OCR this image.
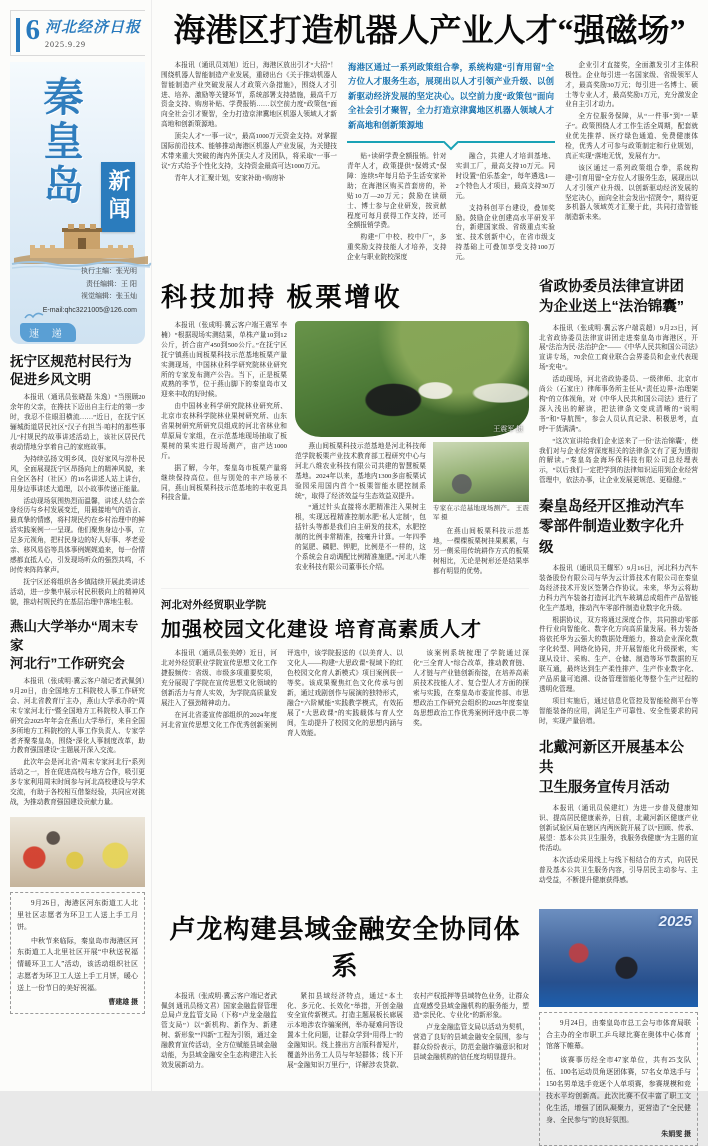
6 河北经济日报
2025.9.29
秦皇岛 新闻
执行主编：张光明
责任编辑：王 阳
视觉编辑：张玉灿
E-mail:qhc3221005@126.com
速 递
抚宁区规范村民行为
促进乡风文明

本报讯（通讯员张晓磊 朱逸）“当照顾20余年的父亲，在搀扶下迈出自主行走的第一步时，我忍不住眼泪横流……”近日，在抚宁区骊城街道居民社区“汉子有担当·咱村的那些事儿”村规民约故事讲述活动上，该社区居民代表动情地分享着自己的家庭故事。

为持续弘扬文明乡风、良好家风与淳朴民风，全面展现抚宁区昂扬向上的精神风貌，来自全区各村（社区）的16名讲述人站上讲台，用身边事讲述大道理，以小故事传递正能量。

活动现场氛围热烈而温馨，讲述人结合亲身经历与乡村发展变迁，用最接地气的语言、最真挚的情感，将村规民约在乡村治理中的鲜活实践案例一一呈现。他们聚焦身边小事，立足多元视角，把村民身边的好人好事、孝老爱亲、移风易俗等具体事例娓娓道来，每一份情感都直抵人心，引发现场听众的强烈共鸣，不时传来阵阵掌声。

抚宁区还将组织各乡镇陆续开展此类讲述活动，进一步集中展示村民积极向上的精神风貌，推动村规民约在基层治理中落地生根。

燕山大学举办“周末专家
河北行”工作研究会

本报讯（张成明·冀云客户端记者武佩剑）9月20日，由全国地方工科院校人事工作研究会、河北省教育厅主办，燕山大学承办的“周末专家河北行”暨全国地方工科院校人事工作研究会2025年年会在燕山大学举行，来自全国多所地方工科院校的人事工作负责人、专家学者齐聚秦皇岛，围绕“深化人事制度改革，助力教育强国建设”主题展开深入交流。

此次年会是河北省“周末专家河北行”系列活动之一，旨在促进高校与地方合作，吸引更多专家利用周末时间参与河北高校建设与学术交流，有助于各校相互借鉴经验，共同应对挑战，为推动教育强国建设贡献力量。

9月26日，海港区河东街道工人北里社区志愿者为环卫工人送上手工月饼。

中秋节来临际，秦皇岛市海港区河东街道工人北里社区开展“中秋送祝福 情暖环卫工人”活动，该活动组织社区志愿者为环卫工人送上手工月饼，暖心送上一份节日的美好祝福。

曹建雄 摄
海港区打造机器人产业人才“强磁场”

本报讯（通讯员刘旭）近日，海港区放出引才“大招”！围绕机器人智能制造产业发展，重磅出台《关于推动机器人智能制造产业突破发展人才政策六条措施》，围绕人才引进、培养、激励等关键环节，系统部署支持措施，最高千万资金支持、购房补贴、学费报销……以空前力度“政策包”面向全社会引才聚智，全力打造京津冀地区机器人领域人才新高地和创新策源地。

顶尖人才“一事一议”，最高1000万元资金支持。对掌握国际前沿技术、能够推动海港区机器人产业发展，为关键技术带来重大突破的海内外顶尖人才及团队，将采取“一事一议”方式给予个性化支持，支持资金最高可达1000万元。

青年人才汇聚计划，安家补助+购房补

海港区通过一系列政策组合拳，系统构建“引育用留”全方位人才服务生态，展现出以人才引领产业升级、以创新驱动经济发展的坚定决心。以空前力度“政策包”面向全社会引才聚智，全力打造京津冀地区机器人领域人才新高地和创新策源地

贴+读研学费全额报销。针对青年人才，政策提供“保姆式”保障：连续5年每月给予生活安家补助；在海港区购买首套房的，补贴10万—20万元；鼓励在读硕士、博士参与企业研发，按贡献程度可每月获得工作支持，还可全额报销学费。

构建“厂中校、校中厂”，多重奖励支持技能人才培养，支持企业与职业院校深度

融合，共建人才培训基地、实训工厂，最高支持10万元。同时设置“伯乐基金”，每年遴选1—2个特色人才项目，最高支持30万元。

支持科创平台建设，叠加奖励。鼓励企业创建高水平研发平台，新建国家级、省级重点实验室、技术创新中心，在省市级支持基础上可叠加享受支持100万元。

企业引才直接奖，全面激发引才主体积极性。企业每引进一名国家级、省级领军人才，最高奖励30万元；每引进一名博士、硕士等专业人才，最高奖励1万元，充分激发企业自主引才动力。

全方位服务保障，从“一件事”到“一辈子”。政策围绕人才工作生活全周期，配套就业优先推荐、医疗绿色通道、免费健康体检，优秀人才可参与政策制定和行业规划，真正实现“落地无忧，发展有力”。

该区通过一系列政策组合拳，系统构建“引育用留”全方位人才服务生态，展现出以人才引领产业升级、以创新驱动经济发展的坚定决心，面向全社会发出“招贤令”，期待更多机器人领域英才汇聚于此，共同打造智能制造新未来。

科技加持 板栗增收

本报讯（张成明·冀云客户端王震军 李楠）“根据现场实测结果，单株产量10到12公斤，折合亩产450到500公斤。”在抚宁区抚宁镇燕山间板栗科技示范基地板栗产量实测现场，中国林业科学研究院林业研究所的专家发布测产公告。当下，正是板栗成熟的季节，位于燕山脚下的秦皇岛市又迎来丰收的好时候。

由中国林业科学研究院林业研究所、北京市农林科学院林业果树研究所、山东省果树研究所研究员组成的河北省林业和草原局专家组，在示范基地现场抽取了板栗树的果实进行现场测产，亩产达1000斤。

据了解，今年，秦皇岛市板栗产量将继续保持高位。但与别处的丰产场景不同，燕山间板栗科技示范基地的丰收更具科技含量。

王震军 摄

燕山间板栗科技示范基地是河北科技师范学院板栗产业技术教育部工程研究中心与河北八维农业科技有限公司共建的智慧板栗基地。2024年以来，基地内1300多亩板栗试验园采用国内首个“板栗智能水肥控制系统”，取得了经济效益与生态效益双提升。

“通过针头直接将水肥精准注入果树主根，实现远程精准控制水肥‘私人定制’，包括针头等都是我们自主研发的技术，水肥控制的比例非常精准，按毫升计算。一年四季的氮肥、磷肥、钾肥，比例是不一样的，这个系统会自动调配比例精准施肥。”河北八维农业科技有限公司董事长介绍。

专家在示范基地现场测产。 王震军 摄

在燕山间板栗科技示范基地，一棵棵板栗树挂果累累，与另一侧采用传统耕作方式的板栗树相比，无论是树形还是结果率都有明显的优势。

河北对外经贸职业学院

加强校园文化建设 培育高素质人才

本报讯（通讯员张美婷）近日，河北对外经贸职业学院宣传思想文化工作捷报频传：省级、市级多项重要奖项，充分展现了学院在宣传思想文化领域的创新活力与育人实效，为学院高质量发展注入了强劲精神动力。

在河北省委宣传部组织的2024年度河北省宣传思想文化工作优秀创新案例评选中，该学院报送的《以美育人、以文化人——构建“大思政课”视域下的红色校园文化育人新模式》项目案例获一等奖。该成果聚焦红色文化传承与创新，通过戏剧创作与展演的独特形式，融合“六阶赋能”实践教学模式，有效拓展了“大思政课”的实践载体与育人空间，生动提升了校园文化的思想内涵与育人效能。

该案例系统梳理了学院通过深化“三全育人”综合改革，推动教育链、人才链与产业链创新衔接，在培养高素质技术技能人才、复合型人才方面的探索与实践，在秦皇岛市委宣传部、市思想政治工作研究会组织的2025年度秦皇岛思想政治工作优秀案例评选中获二等奖。

省政协委员法律宣讲团
为企业送上“法治锦囊”

本报讯（张成明·冀云客户端袁超）9月23日，河北省政协委员法律宣讲团走进秦皇岛市海港区，开展“法治为民·法治护企”——《中华人民共和国公司法》宣讲专场，70余位工商业联合会界委员和企业代表现场“充电”。

活动现场，河北省政协委员、一级律师、北京市尚公（石家庄）律师事务所主任从“责任边界+治理架构”的立体视角，对《中华人民共和国公司法》进行了深入浅出的解读，把法律条文变成清晰的“说明书”和“导航图”，参会人员认真记录、积极思考，直呼“干货满满”。

“这次宣讲给我们企业送来了一份‘法治锦囊’，使我们对与企业经营深度相关的法律条文有了更为透彻的解读。”秦皇岛金海环保科技有限公司总经理表示，“以后我们一定把学到的法律知识运用到企业经营管理中，依法办事，让企业发展更规范、更稳健。”

秦皇岛经开区推动汽车
零部件制造业数字化升级

本报讯（通讯员王耀军）9月16日，河北科力汽车装备股份有限公司与华为云计算技术有限公司在秦皇岛经济技术开发区签署合作协议。未来，华为云将助力科力汽车装备打造河北汽车玻璃总成组件产品智能化生产基地，推动汽车零部件制造业数字化升级。

根据协议，双方将通过深度合作，共同推动零部件行业向智能化、数字化方向高质量发展。科力装备将依托华为云强大的数据处理能力，推动企业深化数字化转型、网络化协同，并开展智能化升级探索，实现从设计、采购、生产、仓储、制造等环节数据的互联互通，最终达到生产柔性排产、生产作业数字化、产品质量可追溯、设备管理智能化等整个生产过程的透明化管理。

项目实施后，通过信息化管控及智能检测平台等智能装备的应用，满足生产可靠性、安全性要求的同时，实现产量倍增。

北戴河新区开展基本公共
卫生服务宣传月活动

本报讯（通讯员侯建红）为进一步普及健康知识、提高居民健康素养，日前，北戴河新区健康产业创新试验区局在辖区内两医院开展了以“回顾、传承、展望：基本公共卫生服务，我服务我健康”为主题的宣传活动。

本次活动采用线上与线下相结合的方式，向居民普及基本公共卫生服务内容，引导居民主动参与、主动受益，不断提升健康获得感。

卢龙构建县域金融安全协同体系

本报讯（张成明·冀云客户端记者武佩剑 通讯员杨文君）国家金融监督管理总局卢龙监管支局（下称“卢龙金融监管支局”）以“新机构、新作为、新建树、新形象”“四新”工程为引领，通过金融教育宣传活动，全方位赋能县域金融动能，为县域金融安全生态构建注入长效发展新动力。

紧扣县域经济特点，通过“本土化、多元化、长效化”举措，开创金融安全宣传新模式。打造主题展板长廊展示本地涉农诈骗案例，举办疑难问答设置本土化问题，让群众学到“用得上”的金融知识。线上推出方言版科普短片，覆盖外出务工人员与年轻群体；线下开展“金融知识万里行”，详解涉农贷款、农村产权抵押等县域特色业务，让群众直观感受县域金融机构的服务能力，塑造“亲民化、专业化”的新形象。

卢龙金融监管支局以活动为契机，营造了良好的县域金融安全氛围，参与群众纷纷表示，防范金融诈骗意识和对县域金融机构的信任度均明显提升。

2025

9月24日，由秦皇岛市总工会与市体育局联合主办的全市职工乒乓球比赛在奥体中心体育馆落下帷幕。

该赛事历经全市47家单位，共有25支队伍、100名运动员角逐团体赛，57名女单选手与150名男单选手竞逐个人单项赛，参赛规模和竞技水平均创新高。此次比赛不仅丰富了职工文化生活，增强了团队凝聚力，更营造了“全民健身、全民参与”的良好氛围。

朱娟雯 摄
